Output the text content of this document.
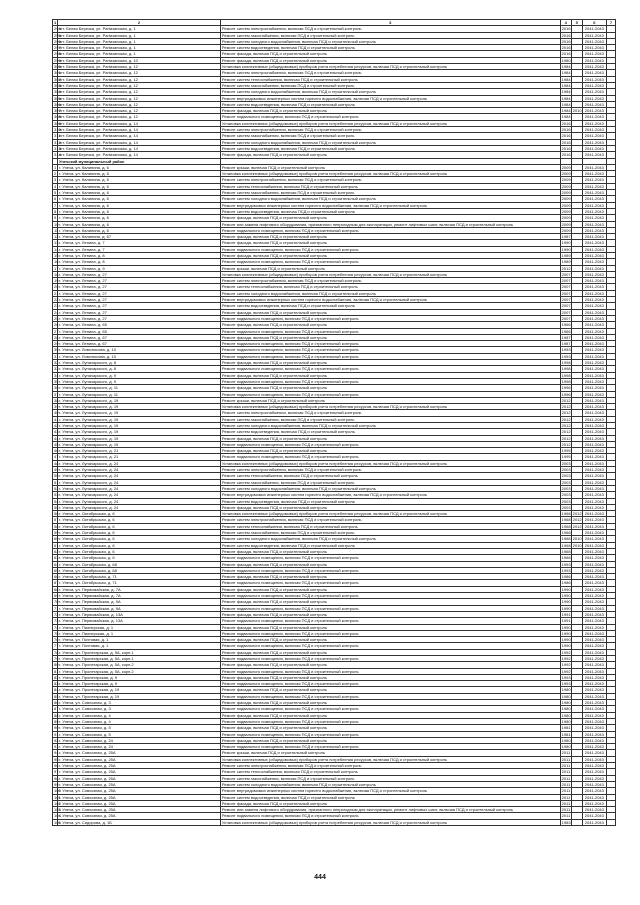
1	2	3	4	5	6	7
294	пгт. Белая Березка, ул. Partизанская, д. 1	Ремонт систем электроснабжения, включая ПСД и строительный контроль	2016		2041-2043	
295	пгт. Белая Березка, ул. Partизанская, д. 1	Ремонт систем газоснабжения, включая ПСД и строительный контроль	2016		2041-2043	
296	пгт. Белая Березка, ул. Partизанская, д. 1	Ремонт систем холодного водоснабжения, включая ПСД и строительный контроль	2016		2041-2043	
297	пгт. Белая Березка, ул. Partизанская, д. 1	Ремонт систем водоотведения, включая ПСД и строительный контроль	2016		2041-2043	
298	пгт. Белая Березка, ул. Partизанская, д. 1	Ремонт фасада, включая ПСД и строительный контроль	2016		2041-2043	
299	пгт. Белая Березка, ул. Partизанская, д. 10	Ремонт фасада, включая ПСД и строительный контроль	1980		2041-2043	
300	пгт. Белая Березка, ул. Partизанская, д. 12	Установка коллективных (общедомовых) приборов учета потребления ресурсов, включая ПСД и строительный контроль	1984		2041-2043	
301	пгт. Белая Березка, ул. Partизанская, д. 12	Ремонт систем электроснабжения, включая ПСД и строительный контроль	1984		2041-2043	
302	пгт. Белая Березка, ул. Partизанская, д. 12	Ремонт систем теплоснабжения, включая ПСД и строительный контроль	1984		2041-2043	
303	пгт. Белая Березка, ул. Partизанская, д. 12	Ремонт систем газоснабжения, включая ПСД и строительный контроль	1984		2041-2043	
304	пгт. Белая Березка, ул. Partизанская, д. 12	Ремонт систем холодного водоснабжения, включая ПСД и строительный контроль	1984		2041-2043	
305	пгт. Белая Березка, ул. Partизанская, д. 12	Ремонт внутридомовых инженерных систем горячего водоснабжения, включая ПСД и строительный контроль	1984		2041-2043	
306	пгт. Белая Березка, ул. Partизанская, д. 12	Ремонт систем водоотведения, включая ПСД и строительный контроль	1984		2041-2043	
307	пгт. Белая Березка, ул. Partизанская, д. 12	Ремонт фасада, включая ПСД и строительный контроль	1984	2010	2041-2043	
308	пгт. Белая Березка, ул. Partизанская, д. 12	Ремонт подвального помещения, включая ПСД и строительный контроль	1984		2041-2043	
309	пгт. Белая Березка, ул. Partизанская, д. 14	Установка коллективных (общедомовых) приборов учета потребления ресурсов, включая ПСД и строительный контроль	2016		2041-2043	
310	пгт. Белая Березка, ул. Partизанская, д. 14	Ремонт систем электроснабжения, включая ПСД и строительный контроль	2016		2041-2043	
311	пгт. Белая Березка, ул. Partизанская, д. 14	Ремонт систем газоснабжения, включая ПСД и строительный контроль	2016		2041-2043	
312	пгт. Белая Березка, ул. Partизанская, д. 14	Ремонт систем холодного водоснабжения, включая ПСД и строительный контроль	2016		2041-2043	
313	пгт. Белая Березка, ул. Partизанская, д. 14	Ремонт систем водоотведения, включая ПСД и строительный контроль	2016		2041-2043	
314	пгт. Белая Березка, ул. Partизанская, д. 14	Ремонт фасада, включая ПСД и строительный контроль	2016		2041-2043	
	Унечский муниципальный район					
1	г. Унеча, ул. Калинина, д. 6	Ремонт крыши, включая ПСД и строительный контроль	2009		2041-2043	
2	г. Унеча, ул. Калинина, д. 6	Установка коллективных (общедомовых) приборов учета потребления ресурсов, включая ПСД и строительный контроль	2009		2041-2043	
3	г. Унеча, ул. Калинина, д. 6	Ремонт систем электроснабжения, включая ПСД и строительный контроль	2009		2041-2043	
4	г. Унеча, ул. Калинина, д. 6	Ремонт систем теплоснабжения, включая ПСД и строительный контроль	2009		2041-2043	
5	г. Унеча, ул. Калинина, д. 6	Ремонт систем газоснабжения, включая ПСД и строительный контроль	2009		2041-2043	
6	г. Унеча, ул. Калинина, д. 6	Ремонт систем холодного водоснабжения, включая ПСД и строительный контроль	2009		2041-2043	
7	г. Унеча, ул. Калинина, д. 6	Ремонт внутридомовых инженерных систем горячего водоснабжения, включая ПСД и строительный контроль	2009		2041-2043	
8	г. Унеча, ул. Калинина, д. 6	Ремонт систем водоотведения, включая ПСД и строительный контроль	2009		2041-2043	
9	г. Унеча, ул. Калинина, д. 6	Ремонт фасада, включая ПСД и строительный контроль	2009		2041-2043	
10	г. Унеча, ул. Калинина, д. 6	Ремонт или замена лифтового оборудования, признанного непригодным для эксплуатации, ремонт лифтовых шахт, включая ПСД и строительный контроль	2009		2041-2043	
11	г. Унеча, ул. Калинина, д. 6	Ремонт подвального помещения, включая ПСД и строительный контроль	2009		2041-2043	
12	г. Унеча, ул. Калинина, д. 67	Ремонт фасада, включая ПСД и строительный контроль	1987		2041-2043	
13	г. Унеча, ул. Ленина, д. 7	Ремонт фасада, включая ПСД и строительный контроль	1990		2041-2043	
14	г. Унеча, ул. Ленина, д. 7	Ремонт подвального помещения, включая ПСД и строительный контроль	1990		2041-2043	
15	г. Унеча, ул. Ленина, д. 8	Ремонт фасада, включая ПСД и строительный контроль	1989		2041-2043	
16	г. Унеча, ул. Ленина, д. 8	Ремонт подвального помещения, включая ПСД и строительный контроль	1989		2041-2043	
17	г. Унеча, ул. Ленина, д. 9	Ремонт крыши, включая ПСД и строительный контроль	2012		2041-2043	
18	г. Унеча, ул. Ленина, д. 27	Установка коллективных (общедомовых) приборов учета потребления ресурсов, включая ПСД и строительный контроль	2007		2041-2043	
19	г. Унеча, ул. Ленина, д. 27	Ремонт систем электроснабжения, включая ПСД и строительный контроль	2007		2041-2043	
20	г. Унеча, ул. Ленина, д. 27	Ремонт систем теплоснабжения, включая ПСД и строительный контроль	2007		2041-2043	
21	г. Унеча, ул. Ленина, д. 27	Ремонт систем холодного водоснабжения, включая ПСД и строительный контроль	2007		2041-2043	
22	г. Унеча, ул. Ленина, д. 27	Ремонт внутридомовых инженерных систем горячего водоснабжения, включая ПСД и строительный контроль	2007		2041-2043	
23	г. Унеча, ул. Ленина, д. 27	Ремонт систем водоотведения, включая ПСД и строительный контроль	2007		2041-2043	
24	г. Унеча, ул. Ленина, д. 27	Ремонт фасада, включая ПСД и строительный контроль	2007		2041-2043	
25	г. Унеча, ул. Ленина, д. 27	Ремонт подвального помещения, включая ПСД и строительный контроль	2007		2041-2043	
26	г. Унеча, ул. Ленина, д. 65	Ремонт фасада, включая ПСД и строительный контроль	1966		2041-2043	
27	г. Унеча, ул. Ленина, д. 65	Ремонт подвального помещения, включая ПСД и строительный контроль	1966		2041-2043	
28	г. Унеча, ул. Ленина, д. 67	Ремонт фасада, включая ПСД и строительный контроль	1987		2041-2043	
29	г. Унеча, ул. Ленина, д. 67	Ремонт подвального помещения, включая ПСД и строительный контроль	1987		2041-2043	
30	г. Унеча, ул. Ломоносова, д. 10	Ремонт подвального помещения, включая ПСД и строительный контроль	1953		2041-2043	
31	г. Унеча, ул. Ломоносова, д. 10	Ремонт подвального помещения, включая ПСД и строительный контроль	1953		2041-2043	
32	г. Унеча, ул. Луначарского, д. 8	Ремонт фасада, включая ПСД и строительный контроль	1998		2041-2043	
33	г. Унеча, ул. Луначарского, д. 8	Ремонт подвального помещения, включая ПСД и строительный контроль	1998		2041-2043	
34	г. Унеча, ул. Луначарского, д. 9	Ремонт фасада, включая ПСД и строительный контроль	1998		2041-2043	
35	г. Унеча, ул. Луначарского, д. 9	Ремонт подвального помещения, включая ПСД и строительный контроль	1998		2041-2043	
36	г. Унеча, ул. Луначарского, д. 11	Ремонт фасада, включая ПСД и строительный контроль	1996		2041-2043	
37	г. Унеча, ул. Луначарского, д. 11	Ремонт подвального помещения, включая ПСД и строительный контроль	1996		2041-2043	
38	г. Унеча, ул. Луначарского, д. 19	Ремонт крыши, включая ПСД и строительный контроль	2012		2041-2043	
39	г. Унеча, ул. Луначарского, д. 19	Установка коллективных (общедомовых) приборов учета потребления ресурсов, включая ПСД и строительный контроль	2012		2041-2043	
40	г. Унеча, ул. Луначарского, д. 19	Ремонт систем электроснабжения, включая ПСД и строительный контроль	2012		2041-2043	
41	г. Унеча, ул. Луначарского, д. 19	Ремонт систем газоснабжения, включая ПСД и строительный контроль	2012		2041-2043	
42	г. Унеча, ул. Луначарского, д. 19	Ремонт систем холодного водоснабжения, включая ПСД и строительный контроль	2012		2041-2043	
43	г. Унеча, ул. Луначарского, д. 19	Ремонт систем водоотведения, включая ПСД и строительный контроль	2012		2041-2043	
44	г. Унеча, ул. Луначарского, д. 19	Ремонт фасада, включая ПСД и строительный контроль	2012		2041-2043	
45	г. Унеча, ул. Луначарского, д. 19	Ремонт подвального помещения, включая ПСД и строительный контроль	2012		2041-2043	
46	г. Унеча, ул. Луначарского, д. 21	Ремонт фасада, включая ПСД и строительный контроль	1995		2041-2043	
47	г. Унеча, ул. Луначарского, д. 21	Ремонт подвального помещения, включая ПСД и строительный контроль	1995		2041-2043	
48	г. Унеча, ул. Луначарского, д. 24	Установка коллективных (общедомовых) приборов учета потребления ресурсов, включая ПСД и строительный контроль	2003		2041-2043	
49	г. Унеча, ул. Луначарского, д. 24	Ремонт систем электроснабжения, включая ПСД и строительный контроль	2003		2041-2043	
50	г. Унеча, ул. Луначарского, д. 24	Ремонт систем теплоснабжения, включая ПСД и строительный контроль	2003		2041-2043	
51	г. Унеча, ул. Луначарского, д. 24	Ремонт систем газоснабжения, включая ПСД и строительный контроль	2003		2041-2043	
52	г. Унеча, ул. Луначарского, д. 24	Ремонт систем холодного водоснабжения, включая ПСД и строительный контроль	2003		2041-2043	
53	г. Унеча, ул. Луначарского, д. 24	Ремонт внутридомовых инженерных систем горячего водоснабжения, включая ПСД и строительный контроль	2003		2041-2043	
54	г. Унеча, ул. Луначарского, д. 24	Ремонт систем водоотведения, включая ПСД и строительный контроль	2003		2041-2043	
55	г. Унеча, ул. Луначарского, д. 24	Ремонт фасада, включая ПСД и строительный контроль	2003		2041-2043	
56	г. Унеча, ул. Октябрьская, д. 6	Установка коллективных (общедомовых) приборов учета потребления ресурсов, включая ПСД и строительный контроль	1968	2012	2041-2043	
57	г. Унеча, ул. Октябрьская, д. 6	Ремонт систем электроснабжения, включая ПСД и строительный контроль	1968	2012	2041-2043	
58	г. Унеча, ул. Октябрьская, д. 6	Ремонт систем теплоснабжения, включая ПСД и строительный контроль	1968	2012	2041-2043	
59	г. Унеча, ул. Октябрьская, д. 6	Ремонт систем газоснабжения, включая ПСД и строительный контроль	1968		2041-2043	
60	г. Унеча, ул. Октябрьская, д. 6	Ремонт систем холодного водоснабжения, включая ПСД и строительный контроль	1968	2010	2041-2043	
61	г. Унеча, ул. Октябрьская, д. 6	Ремонт систем водоотведения, включая ПСД и строительный контроль	1968	2010	2041-2043	
62	г. Унеча, ул. Октябрьская, д. 6	Ремонт фасада, включая ПСД и строительный контроль	1968		2041-2043	
63	г. Унеча, ул. Октябрьская, д. 6	Ремонт подвального помещения, включая ПСД и строительный контроль	1968		2041-2043	
64	г. Унеча, ул. Октябрьская, д. 68	Ремонт фасада, включая ПСД и строительный контроль	1993		2041-2043	
65	г. Унеча, ул. Октябрьская, д. 68	Ремонт подвального помещения, включая ПСД и строительный контроль	1993		2041-2043	
66	г. Унеча, ул. Октябрьская, д. 71	Ремонт фасада, включая ПСД и строительный контроль	1986		2041-2043	
67	г. Унеча, ул. Октябрьская, д. 71	Ремонт подвального помещения, включая ПСД и строительный контроль	1986		2041-2043	
68	г. Унеча, ул. Первомайская, д. 7А	Ремонт фасада, включая ПСД и строительный контроль	1990		2041-2043	
69	г. Унеча, ул. Первомайская, д. 7А	Ремонт подвального помещения, включая ПСД и строительный контроль	1990		2041-2043	
70	г. Унеча, ул. Первомайская, д. 9А	Ремонт фасада, включая ПСД и строительный контроль	1990		2041-2043	
71	г. Унеча, ул. Первомайская, д. 9А	Ремонт подвального помещения, включая ПСД и строительный контроль	1990		2041-2043	
72	г. Унеча, ул. Первомайская, д. 13А	Ремонт фасада, включая ПСД и строительный контроль	1991		2041-2043	
73	г. Унеча, ул. Первомайская, д. 13А	Ремонт подвального помещения, включая ПСД и строительный контроль	1991		2041-2043	
74	г. Унеча, ул. Пионерская, д. 1	Ремонт фасада, включая ПСД и строительный контроль	1990		2041-2043	
75	г. Унеча, ул. Пионерская, д. 1	Ремонт подвального помещения, включая ПСД и строительный контроль	1990		2041-2043	
76	г. Унеча, ул. Почтовая, д. 1	Ремонт фасада, включая ПСД и строительный контроль	1990		2041-2043	
77	г. Унеча, ул. Почтовая, д. 1	Ремонт подвального помещения, включая ПСД и строительный контроль	1990		2041-2043	
78	г. Унеча, ул. Пролетарская, д. 5А, корп.1	Ремонт фасада, включая ПСД и строительный контроль	1992		2041-2043	
79	г. Унеча, ул. Пролетарская, д. 5А, корп.1	Ремонт подвального помещения, включая ПСД и строительный контроль	1992		2041-2043	
80	г. Унеча, ул. Пролетарская, д. 5А, корп.2	Ремонт фасада, включая ПСД и строительный контроль	1992		2041-2043	
81	г. Унеча, ул. Пролетарская, д. 5А, корп.2	Ремонт подвального помещения, включая ПСД и строительный контроль	1992		2041-2043	
82	г. Унеча, ул. Пролетарская, д. 9	Ремонт фасада, включая ПСД и строительный контроль	1993		2041-2043	
83	г. Унеча, ул. Пролетарская, д. 9	Ремонт подвального помещения, включая ПСД и строительный контроль	1993		2041-2043	
84	г. Унеча, ул. Пролетарская, д. 19	Ремонт фасада, включая ПСД и строительный контроль	1980		2041-2043	
85	г. Унеча, ул. Пролетарская, д. 19	Ремонт подвального помещения, включая ПСД и строительный контроль	1980		2041-2043	
86	г. Унеча, ул. Совхозная, д. 3	Ремонт фасада, включая ПСД и строительный контроль	1980		2041-2043	
87	г. Унеча, ул. Совхозная, д. 3	Ремонт подвального помещения, включая ПСД и строительный контроль	1980		2041-2043	
88	г. Унеча, ул. Совхозная, д. 4	Ремонт фасада, включая ПСД и строительный контроль	1980		2041-2043	
89	г. Унеча, ул. Совхозная, д. 4	Ремонт подвального помещения, включая ПСД и строительный контроль	1980		2041-2043	
90	г. Унеча, ул. Совхозная, д. 5	Ремонт фасада, включая ПСД и строительный контроль	1981		2041-2043	
91	г. Унеча, ул. Совхозная, д. 5	Ремонт подвального помещения, включая ПСД и строительный контроль	1981		2041-2043	
92	г. Унеча, ул. Совхозная, д. 24	Ремонт фасада, включая ПСД и строительный контроль	1980		2041-2043	
93	г. Унеча, ул. Совхозная, д. 24	Ремонт подвального помещения, включая ПСД и строительный контроль	1980		2041-2043	
94	г. Унеча, ул. Совхозная, д. 25А	Ремонт крыши, включая ПСД и строительный контроль	2011		2041-2043	
95	г. Унеча, ул. Совхозная, д. 25А	Установка коллективных (общедомовых) приборов учета потребления ресурсов, включая ПСД и строительный контроль	2011		2041-2043	
96	г. Унеча, ул. Совхозная, д. 25А	Ремонт систем электроснабжения, включая ПСД и строительный контроль	2011		2041-2043	
97	г. Унеча, ул. Совхозная, д. 25А	Ремонт систем теплоснабжения, включая ПСД и строительный контроль	2011		2041-2043	
98	г. Унеча, ул. Совхозная, д. 25А	Ремонт систем газоснабжения, включая ПСД и строительный контроль	2011		2041-2043	
99	г. Унеча, ул. Совхозная, д. 25А	Ремонт систем холодного водоснабжения, включая ПСД и строительный контроль	2011		2041-2043	
100	г. Унеча, ул. Совхозная, д. 25А	Ремонт внутридомовых инженерных систем горячего водоснабжения, включая ПСД и строительный контроль	2011		2041-2043	
101	г. Унеча, ул. Совхозная, д. 25А	Ремонт систем водоотведения, включая ПСД и строительный контроль	2011		2041-2043	
102	г. Унеча, ул. Совхозная, д. 25А	Ремонт фасада, включая ПСД и строительный контроль	2011		2041-2043	
103	г. Унеча, ул. Совхозная, д. 25А	Ремонт или замена лифтового оборудования, признанного непригодным для эксплуатации, ремонт лифтовых шахт, включая ПСД и строительный контроль	2011		2041-2043	
104	г. Унеча, ул. Совхозная, д. 25А	Ремонт подвального помещения, включая ПСД и строительный контроль	2011		2041-2043	
105	г. Унеча, ул. Сидорова, д. 1Б	Установка коллективных (общедомовых) приборов учета потребления ресурсов, включая ПСД и строительный контроль	1983		2041-2043	
444
